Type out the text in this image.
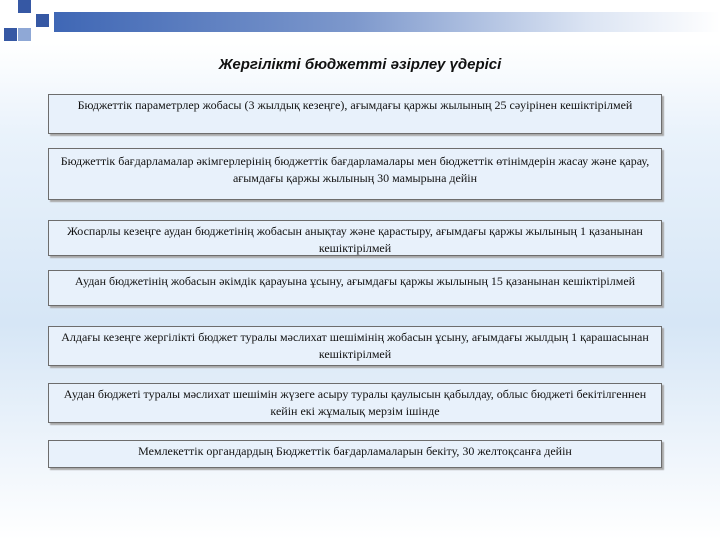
Жергілікті бюджетті әзірлеу үдерісі
Бюджеттік параметрлер жобасы (3 жылдық кезеңге), ағымдағы қаржы жылының 25 сәуірінен кешіктірілмей
Бюджеттік бағдарламалар әкімгерлерінің бюджеттік бағдарламалары мен бюджеттік өтінімдерін жасау және қарау, ағымдағы қаржы жылының 30 мамырына дейін
Жоспарлы кезеңге аудан бюджетінің жобасын анықтау және қарастыру, ағымдағы қаржы жылының 1 қазанынан кешіктірілмей
Аудан бюджетінің жобасын әкімдік қарауына ұсыну, ағымдағы қаржы жылының 15 қазанынан кешіктірілмей
Алдағы кезеңге жергілікті бюджет туралы мәслихат шешімінің жобасын ұсыну, ағымдағы жылдың 1 қарашасынан кешіктірілмей
Аудан бюджеті туралы мәслихат шешімін жүзеге асыру туралы қаулысын қабылдау, облыс бюджеті бекітілгеннен кейін екі жұмалық мерзім ішінде
Мемлекеттік органдардың Бюджеттік бағдарламаларын бекіту, 30 желтоқсанға дейін
